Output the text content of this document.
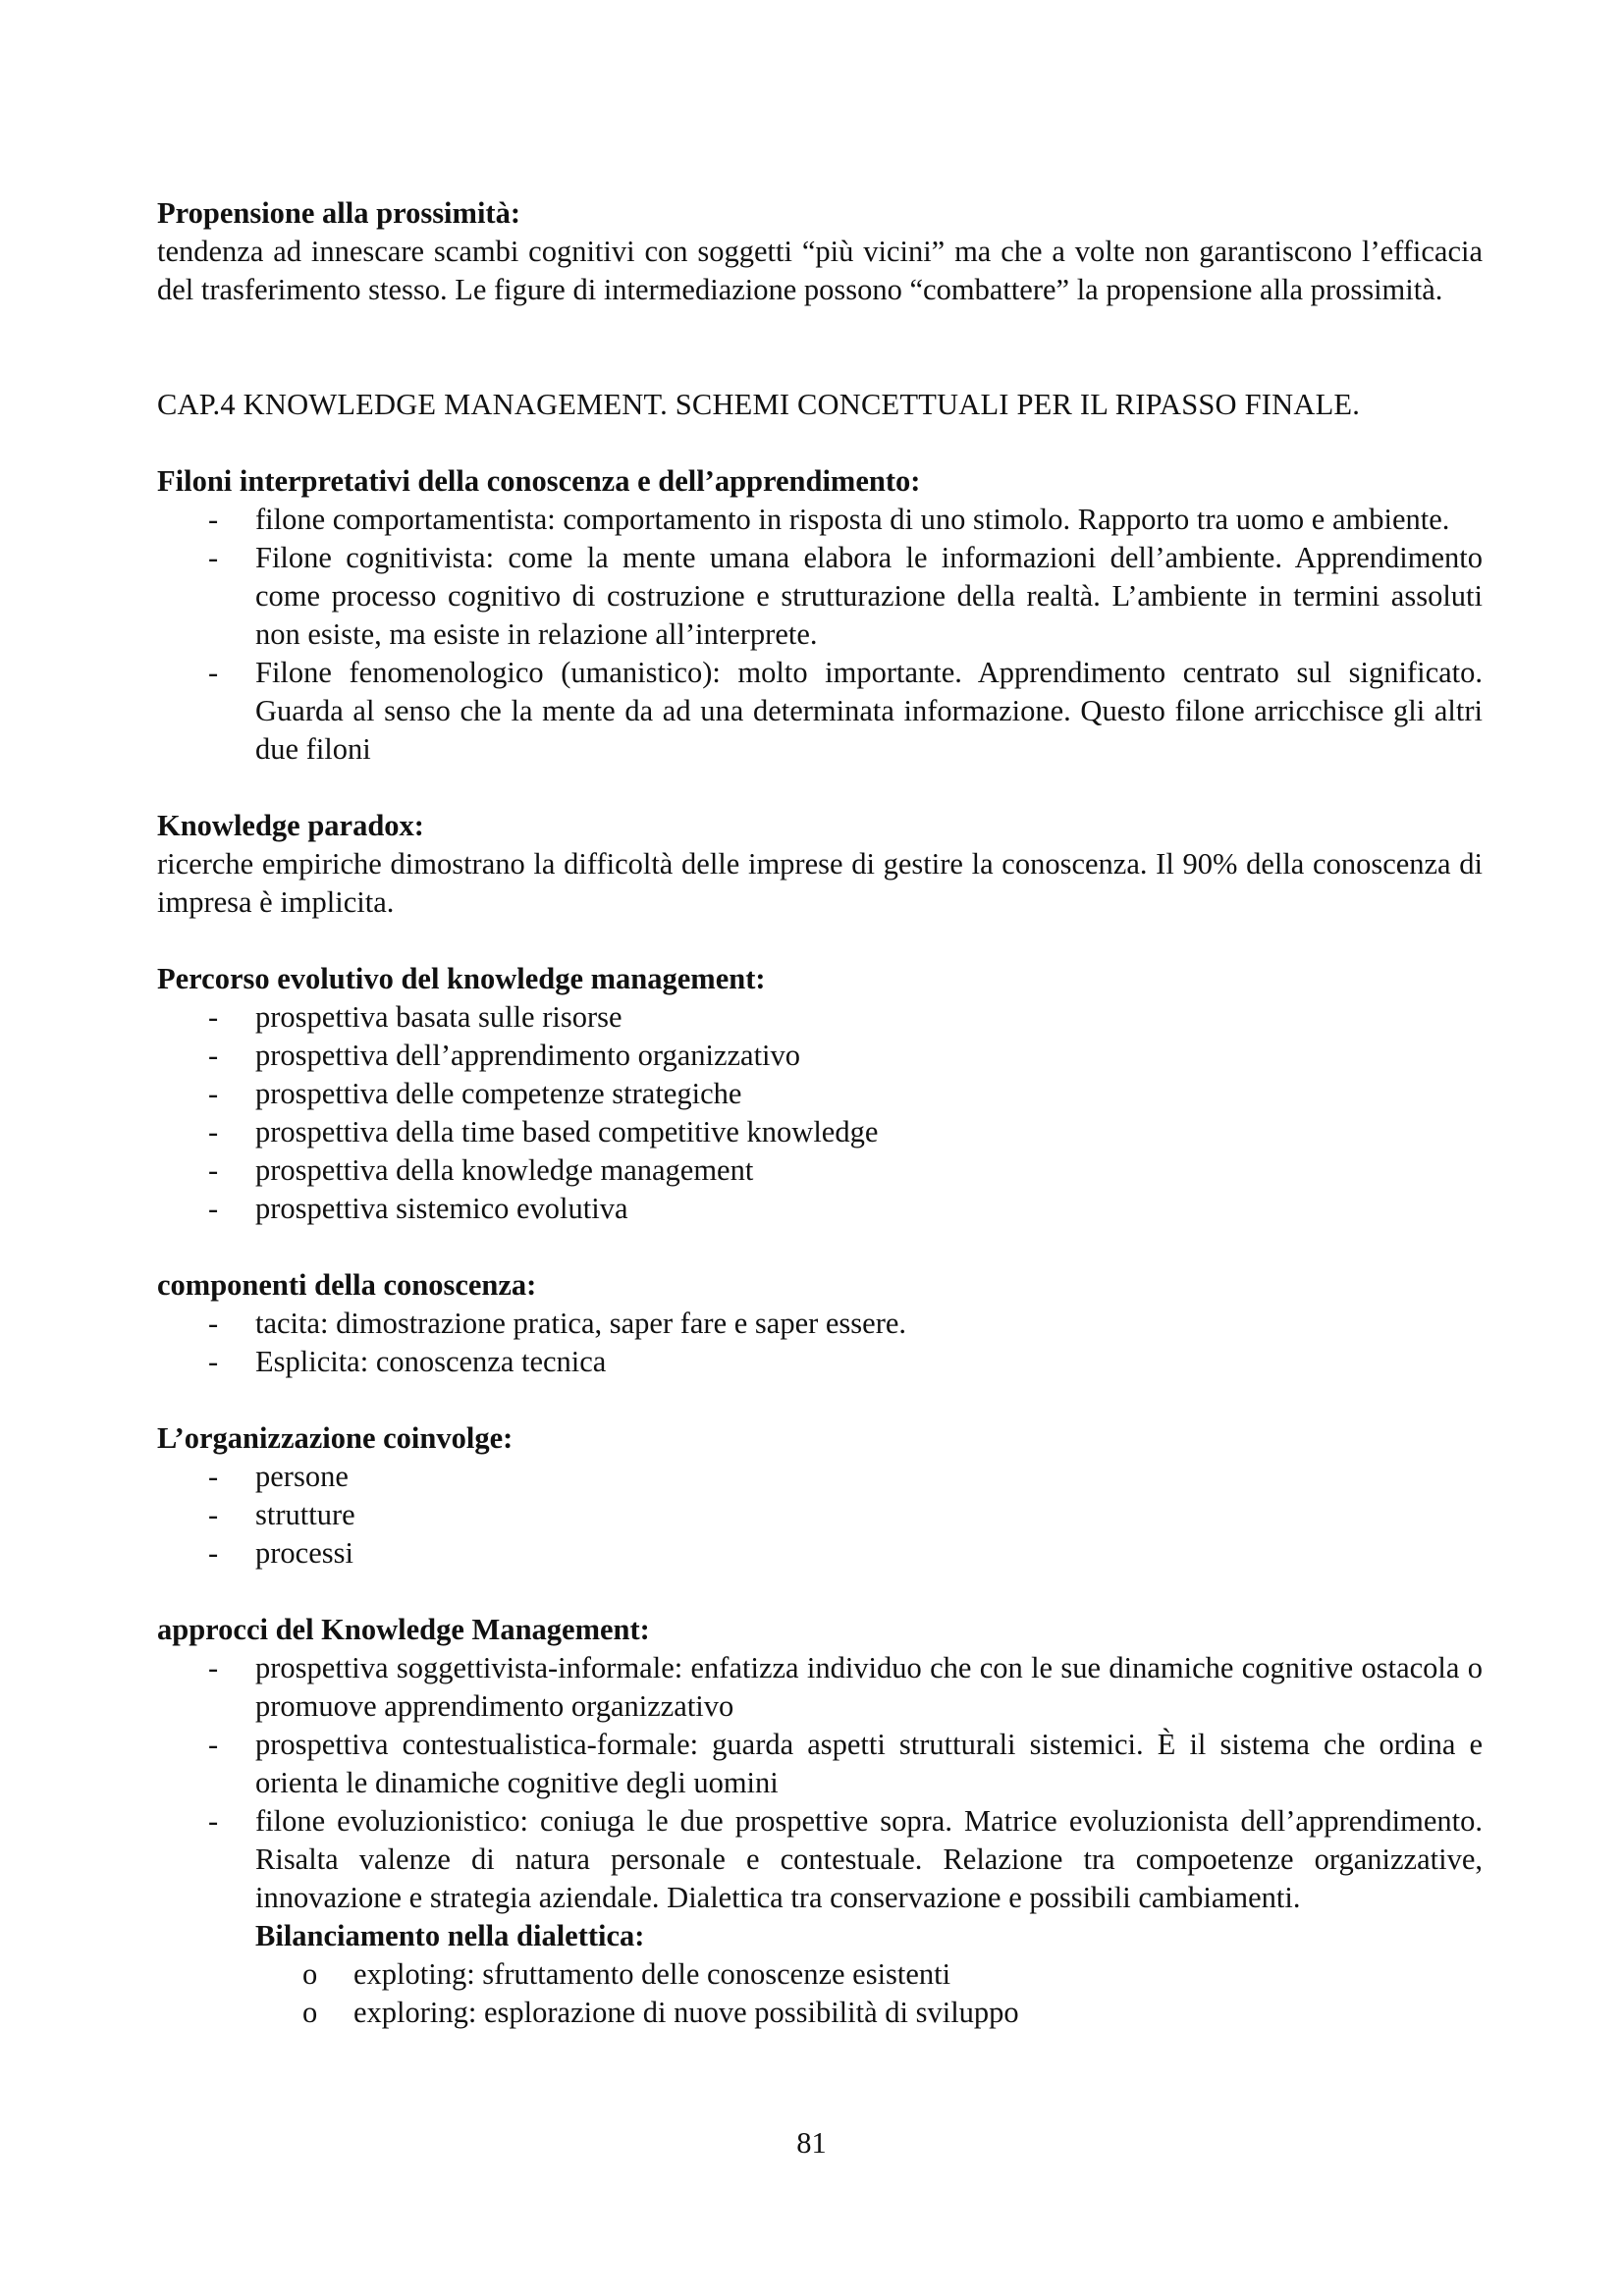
Propensione alla prossimità:
tendenza ad innescare scambi cognitivi con soggetti “più vicini” ma che a volte non garantiscono l’efficacia del trasferimento stesso. Le figure di intermediazione possono “combattere” la propensione alla prossimità.
CAP.4 KNOWLEDGE MANAGEMENT. SCHEMI CONCETTUALI PER IL RIPASSO FINALE.
Filoni interpretativi della conoscenza e dell’apprendimento:
- filone comportamentista: comportamento in risposta di uno stimolo. Rapporto tra uomo e ambiente.
- Filone cognitivista: come la mente umana elabora le informazioni dell’ambiente. Apprendimento come processo cognitivo di costruzione e strutturazione della realtà. L’ambiente in termini assoluti non esiste, ma esiste in relazione all’interprete.
- Filone fenomenologico (umanistico): molto importante. Apprendimento centrato sul significato. Guarda al senso che la mente da ad una determinata informazione. Questo filone arricchisce gli altri due filoni
Knowledge paradox:
ricerche empiriche dimostrano la difficoltà delle imprese di gestire la conoscenza. Il 90% della conoscenza di impresa è implicita.
Percorso evolutivo del knowledge management:
- prospettiva basata sulle risorse
- prospettiva dell’apprendimento organizzativo
- prospettiva delle competenze strategiche
- prospettiva della time based competitive knowledge
- prospettiva della knowledge management
- prospettiva sistemico evolutiva
componenti della conoscenza:
- tacita: dimostrazione pratica, saper fare e saper essere.
- Esplicita: conoscenza tecnica
L’organizzazione coinvolge:
- persone
- strutture
- processi
approcci del Knowledge Management:
- prospettiva soggettivista-informale: enfatizza individuo che con le sue dinamiche cognitive ostacola o promuove apprendimento organizzativo
- prospettiva contestualistica-formale: guarda aspetti strutturali sistemici. È il sistema che ordina e orienta le dinamiche cognitive degli uomini
- filone evoluzionistico: coniuga le due prospettive sopra. Matrice evoluzionista dell’apprendimento. Risalta valenze di natura personale e contestuale. Relazione tra compoetenze organizzative, innovazione e strategia aziendale. Dialettica tra conservazione e possibili cambiamenti.
Bilanciamento nella dialettica:
o exploting: sfruttamento delle conoscenze esistenti
o exploring: esplorazione di nuove possibilità di sviluppo
81
